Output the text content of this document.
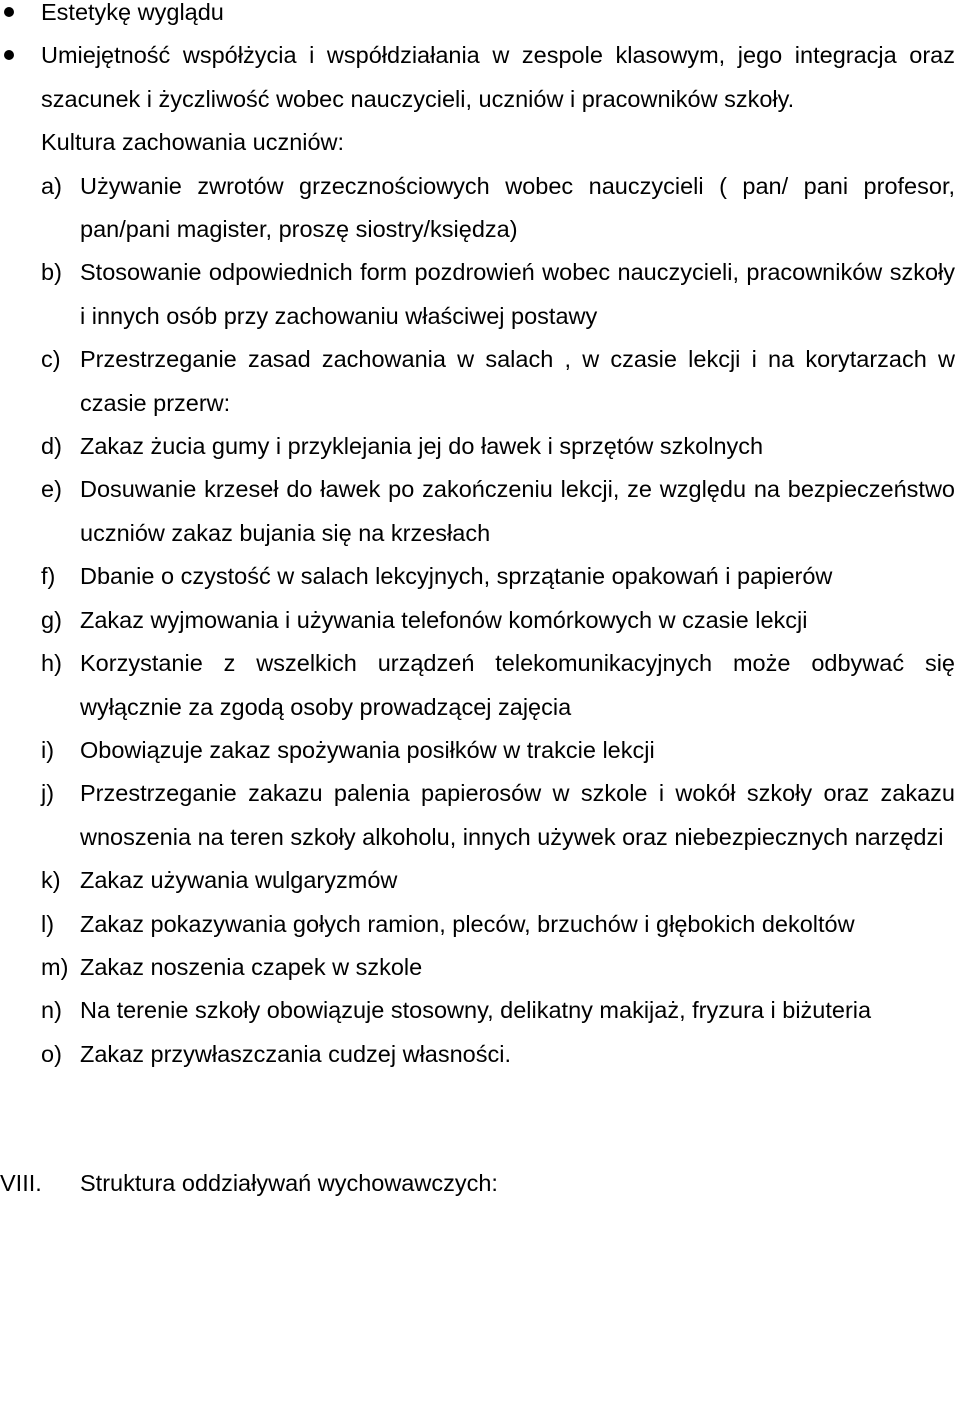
Estetykę wyglądu
Umiejętność współżycia i współdziałania w zespole klasowym, jego integracja oraz szacunek i życzliwość wobec nauczycieli, uczniów i pracowników szkoły.
Kultura zachowania uczniów:
a) Używanie zwrotów grzecznościowych wobec nauczycieli ( pan/ pani profesor, pan/pani magister, proszę siostry/księdza)
b) Stosowanie odpowiednich form pozdrowień wobec nauczycieli, pracowników szkoły i innych osób przy zachowaniu właściwej postawy
c) Przestrzeganie zasad zachowania w salach , w czasie lekcji i na korytarzach w czasie przerw:
d) Zakaz żucia gumy i przyklejania jej do ławek i sprzętów szkolnych
e) Dosuwanie krzeseł do ławek po zakończeniu lekcji, ze względu na bezpieczeństwo uczniów zakaz bujania się na krzesłach
f) Dbanie o czystość w salach lekcyjnych, sprzątanie opakowań i papierów
g) Zakaz wyjmowania i używania telefonów komórkowych w czasie lekcji
h) Korzystanie z wszelkich urządzeń telekomunikacyjnych może odbywać się wyłącznie za zgodą osoby prowadzącej zajęcia
i) Obowiązuje zakaz spożywania posiłków w trakcie lekcji
j) Przestrzeganie zakazu palenia papierosów w szkole i wokół szkoły oraz zakazu wnoszenia na teren szkoły alkoholu, innych używek oraz niebezpiecznych narzędzi
k) Zakaz używania wulgaryzmów
l) Zakaz pokazywania gołych ramion, pleców, brzuchów i głębokich dekoltów
m) Zakaz noszenia czapek w szkole
n) Na terenie szkoły obowiązuje stosowny, delikatny makijaż, fryzura i biżuteria
o) Zakaz przywłaszczania cudzej własności.
VIII. Struktura oddziaływań wychowawczych:
